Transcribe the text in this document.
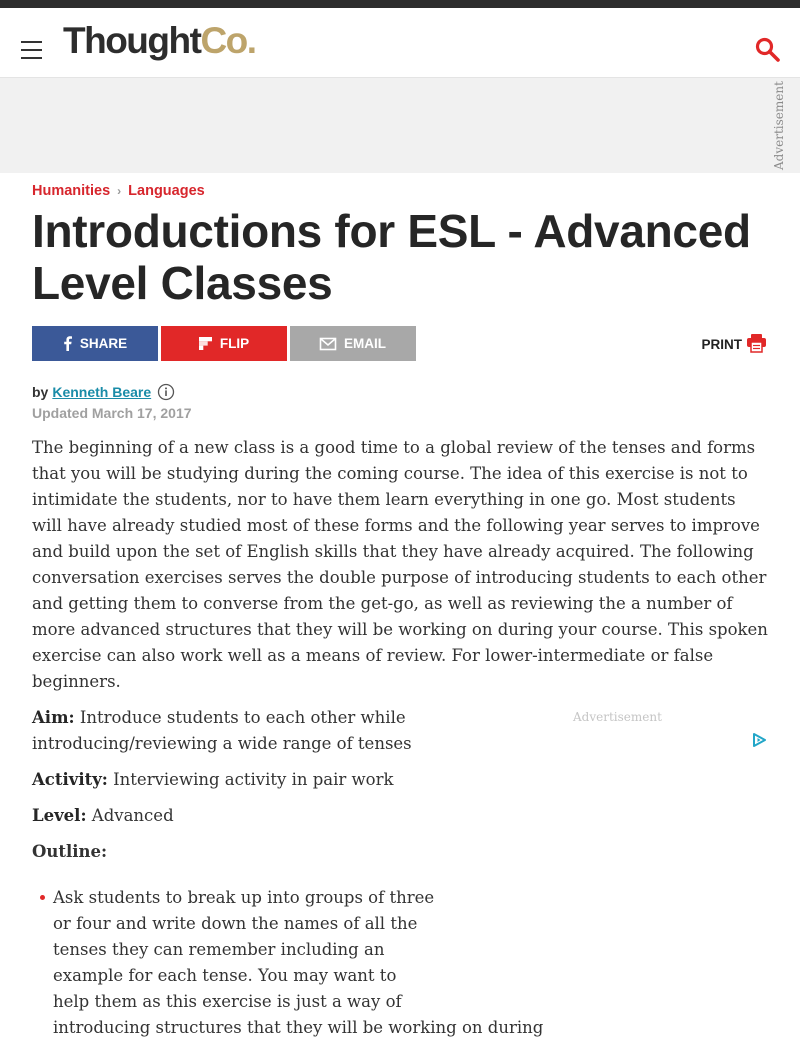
ThoughtCo.
Advertisement
Humanities › Languages
Introductions for ESL - Advanced Level Classes
SHARE	FLIP	EMAIL	PRINT
by Kenneth Beare
Updated March 17, 2017

The beginning of a new class is a good time to a global review of the tenses and forms that you will be studying during the coming course. The idea of this exercise is not to intimidate the students, nor to have them learn everything in one go. Most students will have already studied most of these forms and the following year serves to improve and build upon the set of English skills that they have already acquired. The following conversation exercises serves the double purpose of introducing students to each other and getting them to converse from the get-go, as well as reviewing the a number of more advanced structures that they will be working on during your course. This spoken exercise can also work well as a means of review. For lower-intermediate or false beginners.

Aim: Introduce students to each other while introducing/reviewing a wide range of tenses

Activity: Interviewing activity in pair work

Level: Advanced

Outline:

Ask students to break up into groups of three
or four and write down the names of all the
tenses they can remember including an
example for each tense. You may want to
help them as this exercise is just a way of
introducing structures that they will be working on during
Advertisement
